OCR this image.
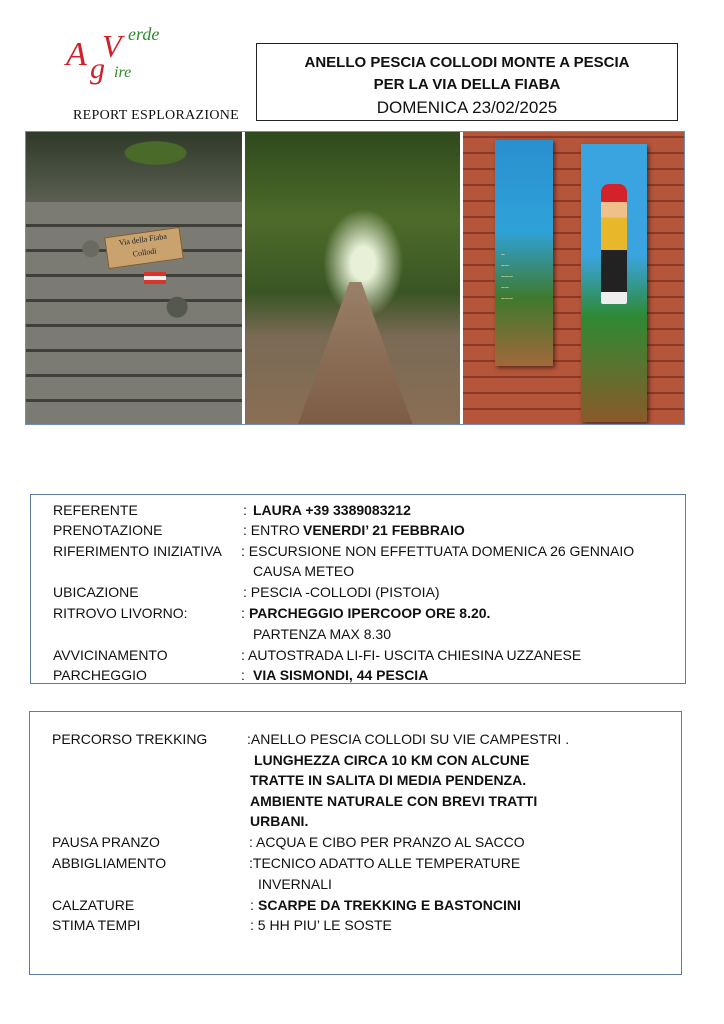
A V erde
g ire
REPORT ESPLORAZIONE
ANELLO PESCIA COLLODI MONTE A PESCIA
PER LA VIA DELLA FIABA
DOMENICA 23/02/2025
Via della Fiaba
Collodi	~
~~
~~~
~~
~~~
REFERENTE	: LAURA +39 3389083212
PRENOTAZIONE	: ENTRO VENERDI’ 21 FEBBRAIO
RIFERIMENTO INIZIATIVA : ESCURSIONE NON EFFETTUATA DOMENICA 26 GENNAIO
CAUSA METEO
UBICAZIONE	: PESCIA -COLLODI (PISTOIA)
RITROVO LIVORNO:	: PARCHEGGIO IPERCOOP ORE 8.20.
PARTENZA MAX 8.30
AVVICINAMENTO	: AUTOSTRADA LI-FI- USCITA CHIESINA UZZANESE
PARCHEGGIO	: VIA SISMONDI, 44 PESCIA
PERCORSO TREKKING	:ANELLO PESCIA COLLODI SU VIE CAMPESTRI .
LUNGHEZZA CIRCA 10 KM CON ALCUNE
TRATTE IN SALITA DI MEDIA PENDENZA.
AMBIENTE NATURALE CON BREVI TRATTI
URBANI.
PAUSA PRANZO	: ACQUA E CIBO PER PRANZO AL SACCO
ABBIGLIAMENTO	:TECNICO ADATTO ALLE TEMPERATURE
INVERNALI
CALZATURE	: SCARPE DA TREKKING E BASTONCINI
STIMA TEMPI	: 5 HH PIU’ LE SOSTE
